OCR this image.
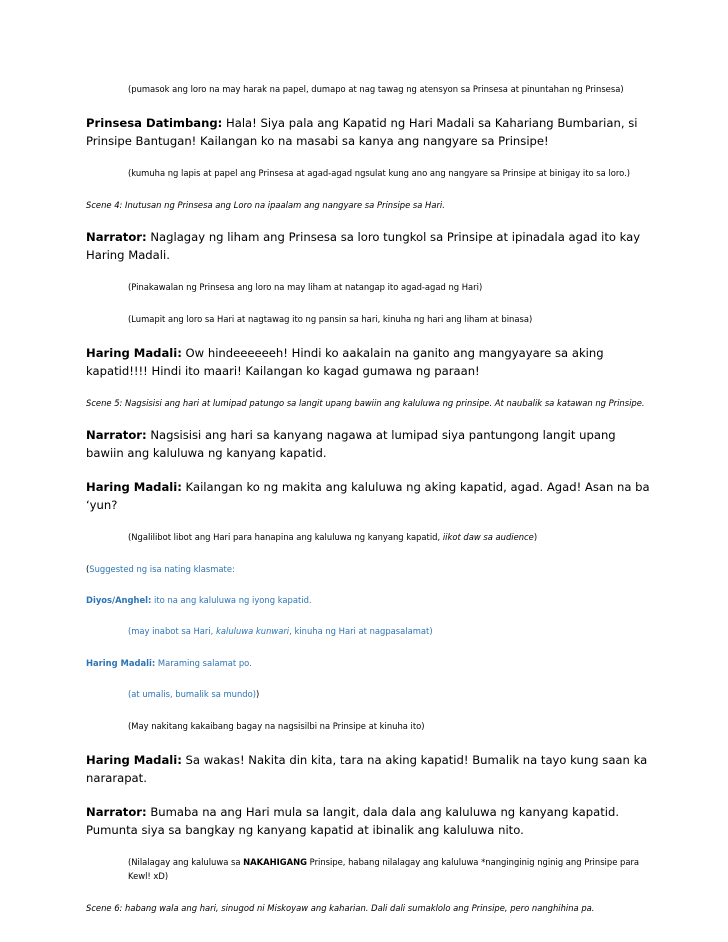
(pumasok ang loro na may harak na papel, dumapo at nag tawag ng atensyon sa Prinsesa at pinuntahan ng Prinsesa)

Prinsesa Datimbang: Hala! Siya pala ang Kapatid ng Hari Madali sa Kahariang Bumbarian, si Prinsipe Bantugan! Kailangan ko na masabi sa kanya ang nangyare sa Prinsipe!

(kumuha ng lapis at papel ang Prinsesa at agad-agad ngsulat kung ano ang nangyare sa Prinsipe at binigay ito sa loro.)

Scene 4: Inutusan ng Prinsesa ang Loro na ipaalam ang nangyare sa Prinsipe sa Hari.

Narrator: Naglagay ng liham ang Prinsesa sa loro tungkol sa Prinsipe at ipinadala agad ito kay Haring Madali.

(Pinakawalan ng Prinsesa ang loro na may liham at natangap ito agad-agad ng Hari)

(Lumapit ang loro sa Hari at nagtawag ito ng pansin sa hari, kinuha ng hari ang liham at binasa)

Haring Madali: Ow hindeeeeeeh! Hindi ko aakalain na ganito ang mangyayare sa aking kapatid!!!! Hindi ito maari! Kailangan ko kagad gumawa ng paraan!

Scene 5: Nagsisisi ang hari at lumipad patungo sa langit upang bawiin ang kaluluwa ng prinsipe. At naubalik sa katawan ng Prinsipe.

Narrator: Nagsisisi ang hari sa kanyang nagawa at lumipad siya pantungong langit upang bawiin ang kaluluwa ng kanyang kapatid.

Haring Madali: Kailangan ko ng makita ang kaluluwa ng aking kapatid, agad. Agad! Asan na ba ‘yun?

(Ngalilibot libot ang Hari para hanapina ang kaluluwa ng kanyang kapatid, iikot daw sa audience)

(Suggested ng isa nating klasmate:

Diyos/Anghel: ito na ang kaluluwa ng iyong kapatid.

(may inabot sa Hari, kaluluwa kunwari, kinuha ng Hari at nagpasalamat)

Haring Madali: Maraming salamat po.

(at umalis, bumalik sa mundo))

(May nakitang kakaibang bagay na nagsisilbi na Prinsipe at kinuha ito)

Haring Madali: Sa wakas! Nakita din kita, tara na aking kapatid! Bumalik na tayo kung saan ka nararapat.

Narrator: Bumaba na ang Hari mula sa langit, dala dala ang kaluluwa ng kanyang kapatid. Pumunta siya sa bangkay ng kanyang kapatid at ibinalik ang kaluluwa nito.

(Nilalagay ang kaluluwa sa NAKAHIGANG Prinsipe, habang nilalagay ang kaluluwa *nanginginig nginig ang Prinsipe para Kewl! xD)

Scene 6: habang wala ang hari, sinugod ni Miskoyaw ang kaharian. Dali dali sumaklolo ang Prinsipe, pero nanghihina pa.
